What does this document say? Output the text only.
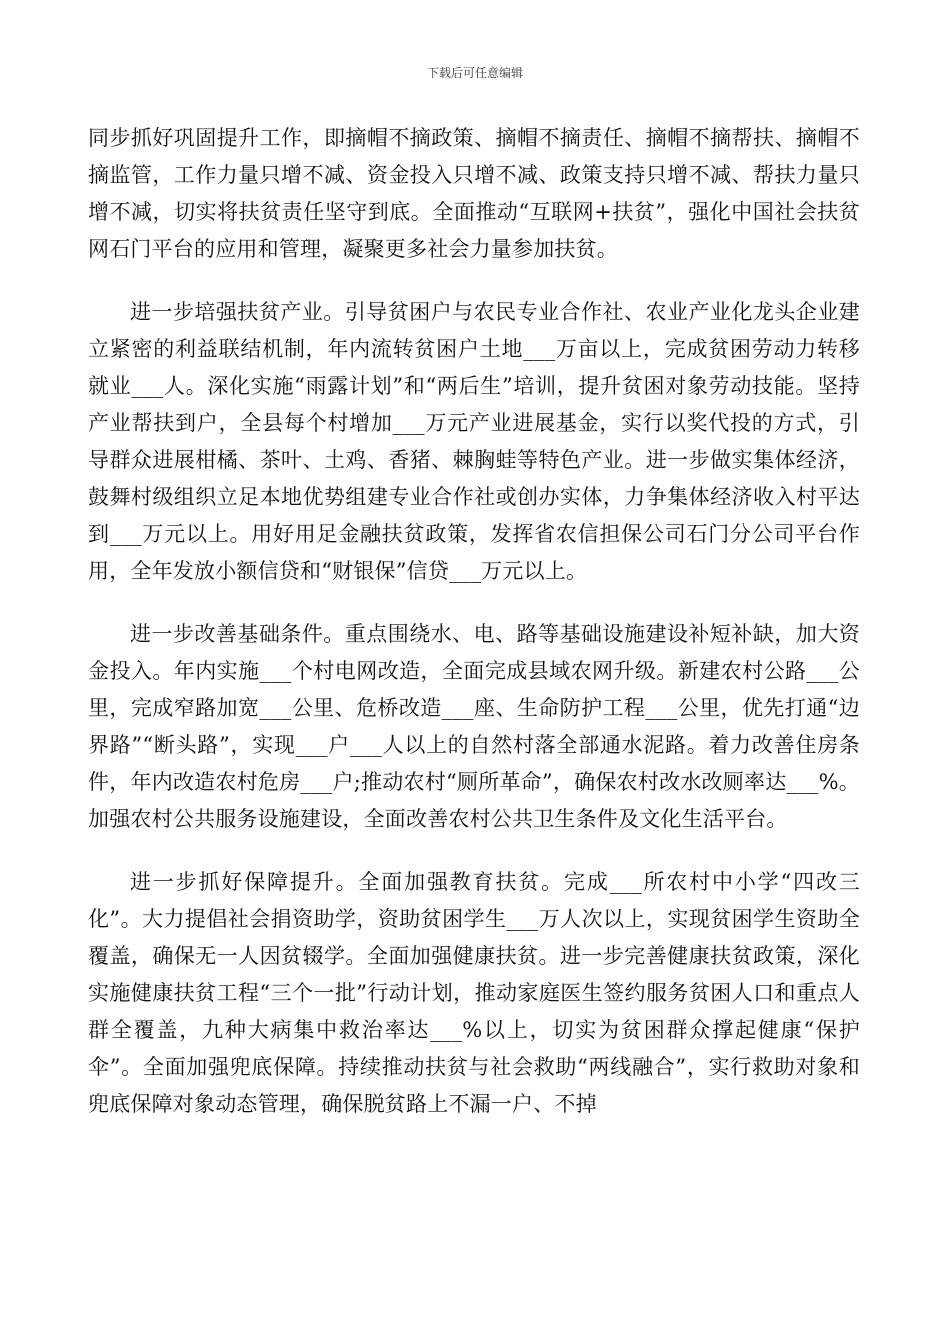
下载后可任意编辑

同步抓好巩固提升工作，即摘帽不摘政策、摘帽不摘责任、摘帽不摘帮扶、摘帽不摘监管，工作力量只增不减、资金投入只增不减、政策支持只增不减、帮扶力量只增不减，切实将扶贫责任坚守到底。全面推动“互联网+扶贫”，强化中国社会扶贫网石门平台的应用和管理，凝聚更多社会力量参加扶贫。

进一步培强扶贫产业。引导贫困户与农民专业合作社、农业产业化龙头企业建立紧密的利益联结机制，年内流转贫困户土地___万亩以上，完成贫困劳动力转移就业___人。深化实施“雨露计划”和“两后生”培训，提升贫困对象劳动技能。坚持产业帮扶到户，全县每个村增加___万元产业进展基金，实行以奖代投的方式，引导群众进展柑橘、茶叶、土鸡、香猪、棘胸蛙等特色产业。进一步做实集体经济，鼓舞村级组织立足本地优势组建专业合作社或创办实体，力争集体经济收入村平达到___万元以上。用好用足金融扶贫政策，发挥省农信担保公司石门分公司平台作用，全年发放小额信贷和“财银保”信贷___万元以上。

进一步改善基础条件。重点围绕水、电、路等基础设施建设补短补缺，加大资金投入。年内实施___个村电网改造，全面完成县域农网升级。新建农村公路___公里，完成窄路加宽___公里、危桥改造___座、生命防护工程___公里，优先打通“边界路”“断头路”，实现___户___人以上的自然村落全部通水泥路。着力改善住房条件，年内改造农村危房___户;推动农村“厕所革命”，确保农村改水改厕率达___%。加强农村公共服务设施建设，全面改善农村公共卫生条件及文化生活平台。

进一步抓好保障提升。全面加强教育扶贫。完成___所农村中小学“四改三化”。大力提倡社会捐资助学，资助贫困学生___万人次以上，实现贫困学生资助全覆盖，确保无一人因贫辍学。全面加强健康扶贫。进一步完善健康扶贫政策，深化实施健康扶贫工程“三个一批”行动计划，推动家庭医生签约服务贫困人口和重点人群全覆盖，九种大病集中救治率达___%以上，切实为贫困群众撑起健康“保护伞”。全面加强兜底保障。持续推动扶贫与社会救助“两线融合”，实行救助对象和兜底保障对象动态管理，确保脱贫路上不漏一户、不掉
